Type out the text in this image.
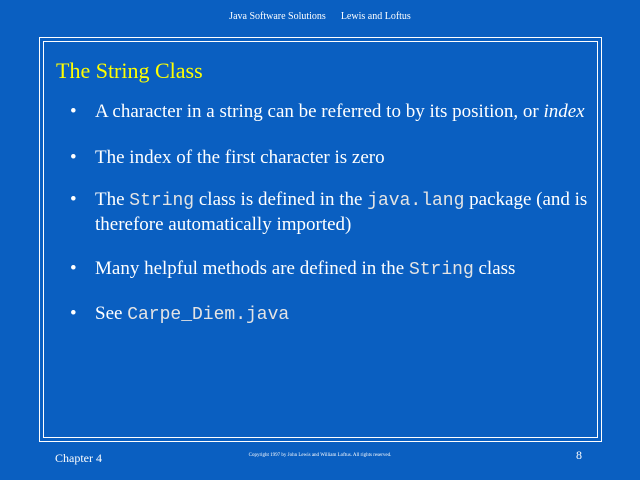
Java Software Solutions Lewis and Loftus
The String Class
• A character in a string can be referred to by its position, or index
• The index of the first character is zero
• The String class is defined in the java.lang package (and is therefore automatically imported)
• Many helpful methods are defined in the String class
• See Carpe_Diem.java
Chapter 4	Copyright 1997 by John Lewis and William Loftus. All rights reserved.	8
